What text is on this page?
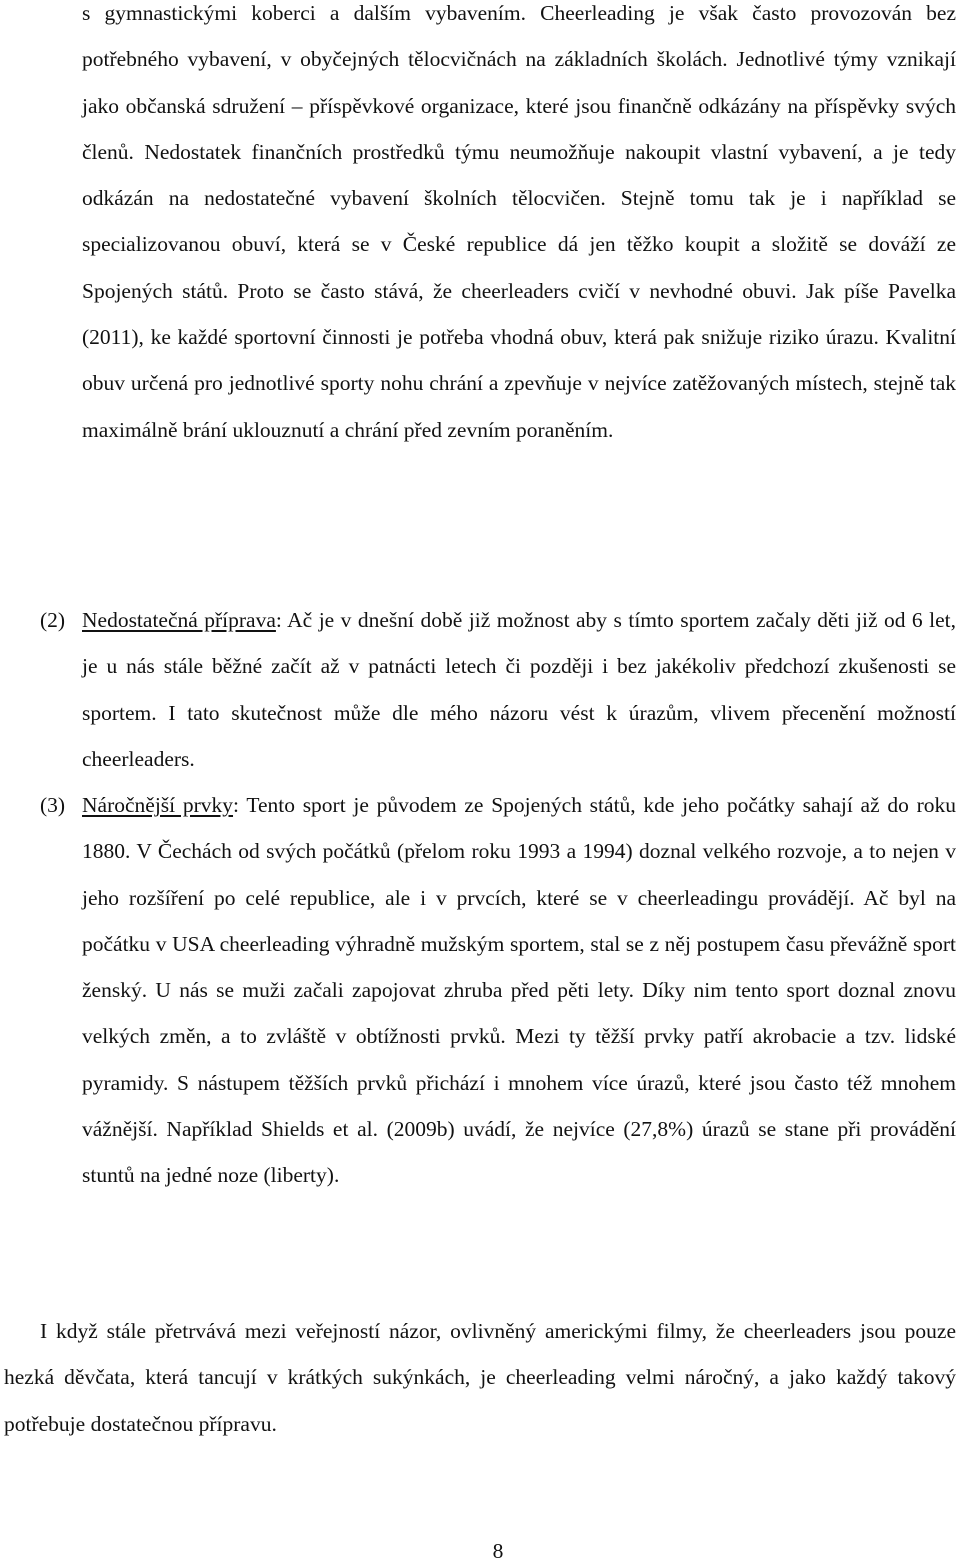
s gymnastickými koberci a dalším vybavením. Cheerleading je však často provozován bez potřebného vybavení, v obyčejných tělocvičnách na základních školách. Jednotlivé týmy vznikají jako občanská sdružení – příspěvkové organizace, které jsou finančně odkázány na příspěvky svých členů. Nedostatek finančních prostředků týmu neumožňuje nakoupit vlastní vybavení, a je tedy odkázán na nedostatečné vybavení školních tělocvičen. Stejně tomu tak je i například se specializovanou obuví, která se v České republice dá jen těžko koupit a složitě se dováží ze Spojených států. Proto se často stává, že cheerleaders cvičí v nevhodné obuvi. Jak píše Pavelka (2011), ke každé sportovní činnosti je potřeba vhodná obuv, která pak snižuje riziko úrazu. Kvalitní obuv určená pro jednotlivé sporty nohu chrání a zpevňuje v nejvíce zatěžovaných místech, stejně tak maximálně brání uklouznutí a chrání před zevním poraněním.

(2) Nedostatečná příprava: Ač je v dnešní době již možnost aby s tímto sportem začaly děti již od 6 let, je u nás stále běžné začít až v patnácti letech či později i bez jakékoliv předchozí zkušenosti se sportem. I tato skutečnost může dle mého názoru vést k úrazům, vlivem přecenění možností cheerleaders.
(3) Náročnější prvky: Tento sport je původem ze Spojených států, kde jeho počátky sahají až do roku 1880. V Čechách od svých počátků (přelom roku 1993 a 1994) doznal velkého rozvoje, a to nejen v jeho rozšíření po celé republice, ale i v prvcích, které se v cheerleadingu provádějí. Ač byl na počátku v USA cheerleading výhradně mužským sportem, stal se z něj postupem času převážně sport ženský. U nás se muži začali zapojovat zhruba před pěti lety. Díky nim tento sport doznal znovu velkých změn, a to zvláště v obtížnosti prvků. Mezi ty těžší prvky patří akrobacie a tzv. lidské pyramidy. S nástupem těžších prvků přichází i mnohem více úrazů, které jsou často též mnohem vážnější. Například Shields et al. (2009b) uvádí, že nejvíce (27,8%) úrazů se stane při provádění stuntů na jedné noze (liberty).

I když stále přetrvává mezi veřejností názor, ovlivněný americkými filmy, že cheerleaders jsou pouze hezká děvčata, která tancují v krátkých sukýnkách, je cheerleading velmi náročný, a jako každý takový potřebuje dostatečnou přípravu.

8
